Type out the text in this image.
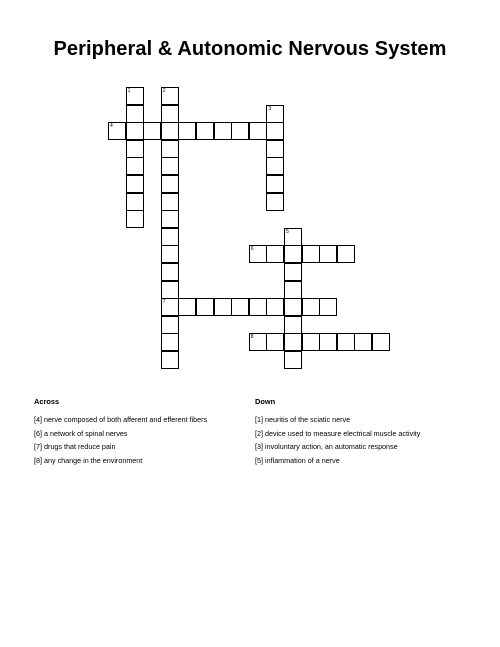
Peripheral & Autonomic Nervous System
1	2
7
3
4
5
6
8
Across
[4] nerve composed of both afferent and efferent fibers
[6] a network of spinal nerves
[7] drugs that reduce pain
[8] any change in the environment
Down
[1] neuritis of the sciatic nerve
[2] device used to measure electrical muscle activity
[3] involuntary action, an automatic response
[5] inflammation of a nerve
